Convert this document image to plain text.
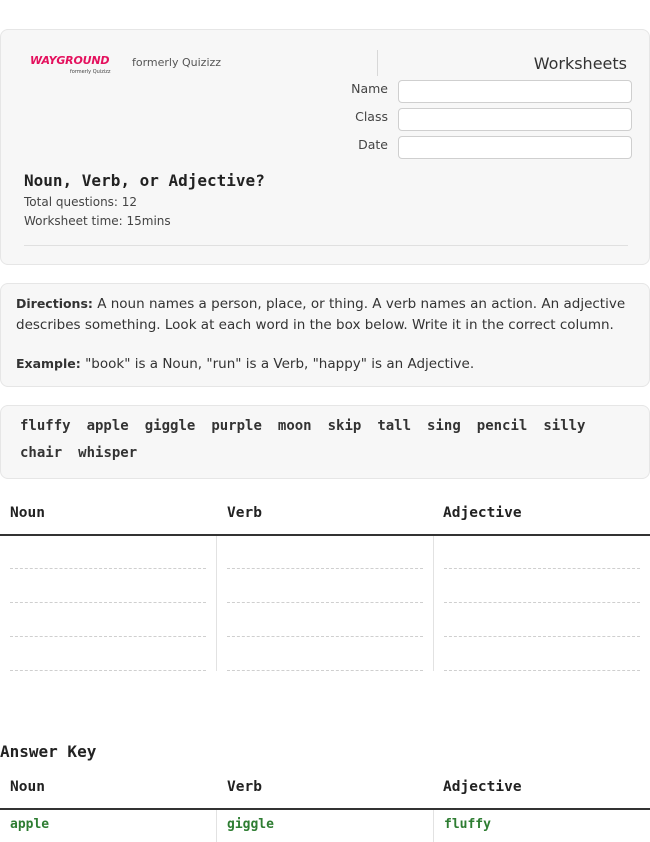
WAYGROUND
formerly Quizizz
formerly Quizizz	Worksheets
Name
Class
Date
Noun, Verb, or Adjective?
Total questions: 12
Worksheet time: 15mins
Directions: A noun names a person, place, or thing. A verb names an action. An adjective describes something. Look at each word in the box below. Write it in the correct column.
Example: "book" is a Noun, "run" is a Verb, "happy" is an Adjective.
fluffy apple giggle purple moon skip tall sing pencil silly
chair whisper
Noun	Verb	Adjective
Answer Key
Noun	Verb	Adjective
apple	giggle	fluffy
